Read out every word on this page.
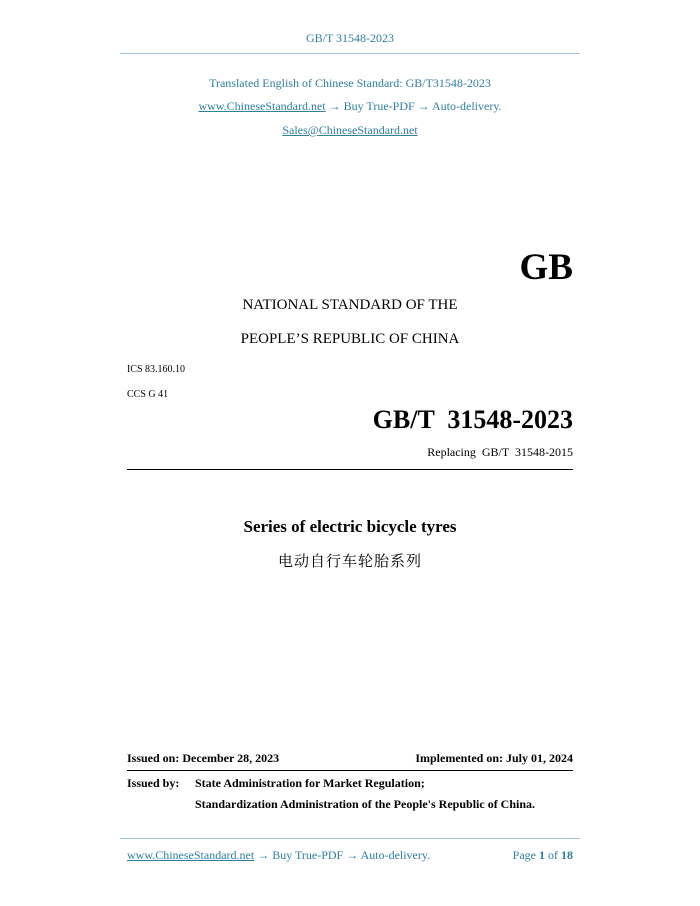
GB/T 31548-2023
Translated English of Chinese Standard: GB/T31548-2023
www.ChineseStandard.net → Buy True-PDF → Auto-delivery.
Sales@ChineseStandard.net
GB
NATIONAL STANDARD OF THE
PEOPLE’S REPUBLIC OF CHINA
ICS 83.160.10
CCS G 41
GB/T  31548-2023
Replacing  GB/T  31548-2015
Series of electric bicycle tyres
电动自行车轮胎系列
Issued on: December 28, 2023	Implemented on: July 01, 2024
Issued by: State Administration for Market Regulation;
Standardization Administration of the People's Republic of China.
www.ChineseStandard.net → Buy True-PDF → Auto-delivery.	Page 1 of 18
